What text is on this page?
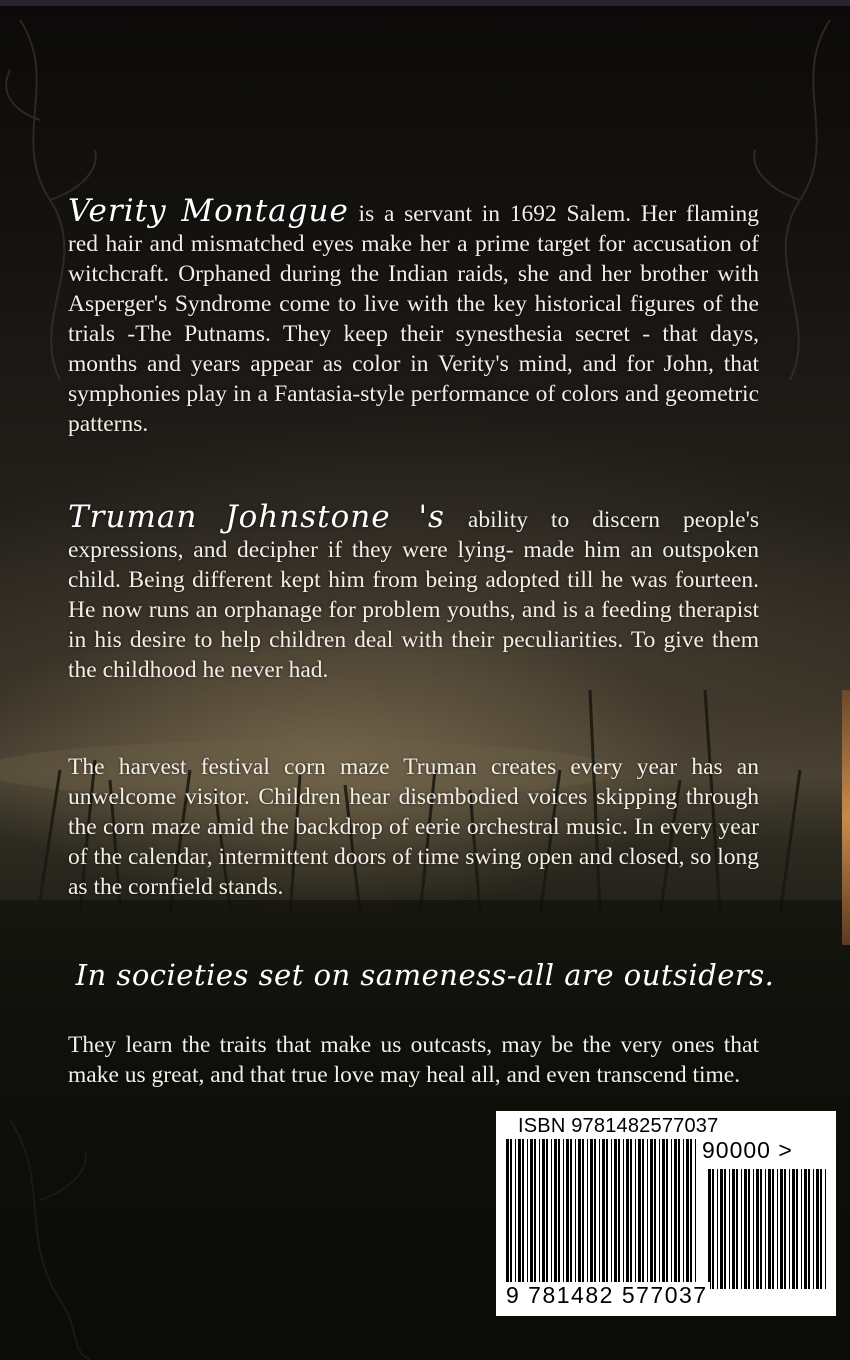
Verity Montague is a servant in 1692 Salem. Her flaming red hair and mismatched eyes make her a prime target for accusation of witchcraft. Orphaned during the Indian raids, she and her brother with Asperger's Syndrome come to live with the key historical figures of the trials -The Putnams. They keep their synesthesia secret - that days, months and years appear as color in Verity's mind, and for John, that symphonies play in a Fantasia-style performance of colors and geometric patterns.
Truman Johnstone 's ability to discern people's expressions, and decipher if they were lying- made him an outspoken child. Being different kept him from being adopted till he was fourteen. He now runs an orphanage for problem youths, and is a feeding therapist in his desire to help children deal with their peculiarities. To give them the childhood he never had.
The harvest festival corn maze Truman creates every year has an unwelcome visitor. Children hear disembodied voices skipping through the corn maze amid the backdrop of eerie orchestral music. In every year of the calendar, intermittent doors of time swing open and closed, so long as the cornfield stands.
In societies set on sameness-all are outsiders.
They learn the traits that make us outcasts, may be the very ones that make us great, and that true love may heal all, and even transcend time.
ISBN 9781482577037
90000 >
9 781482 577037
